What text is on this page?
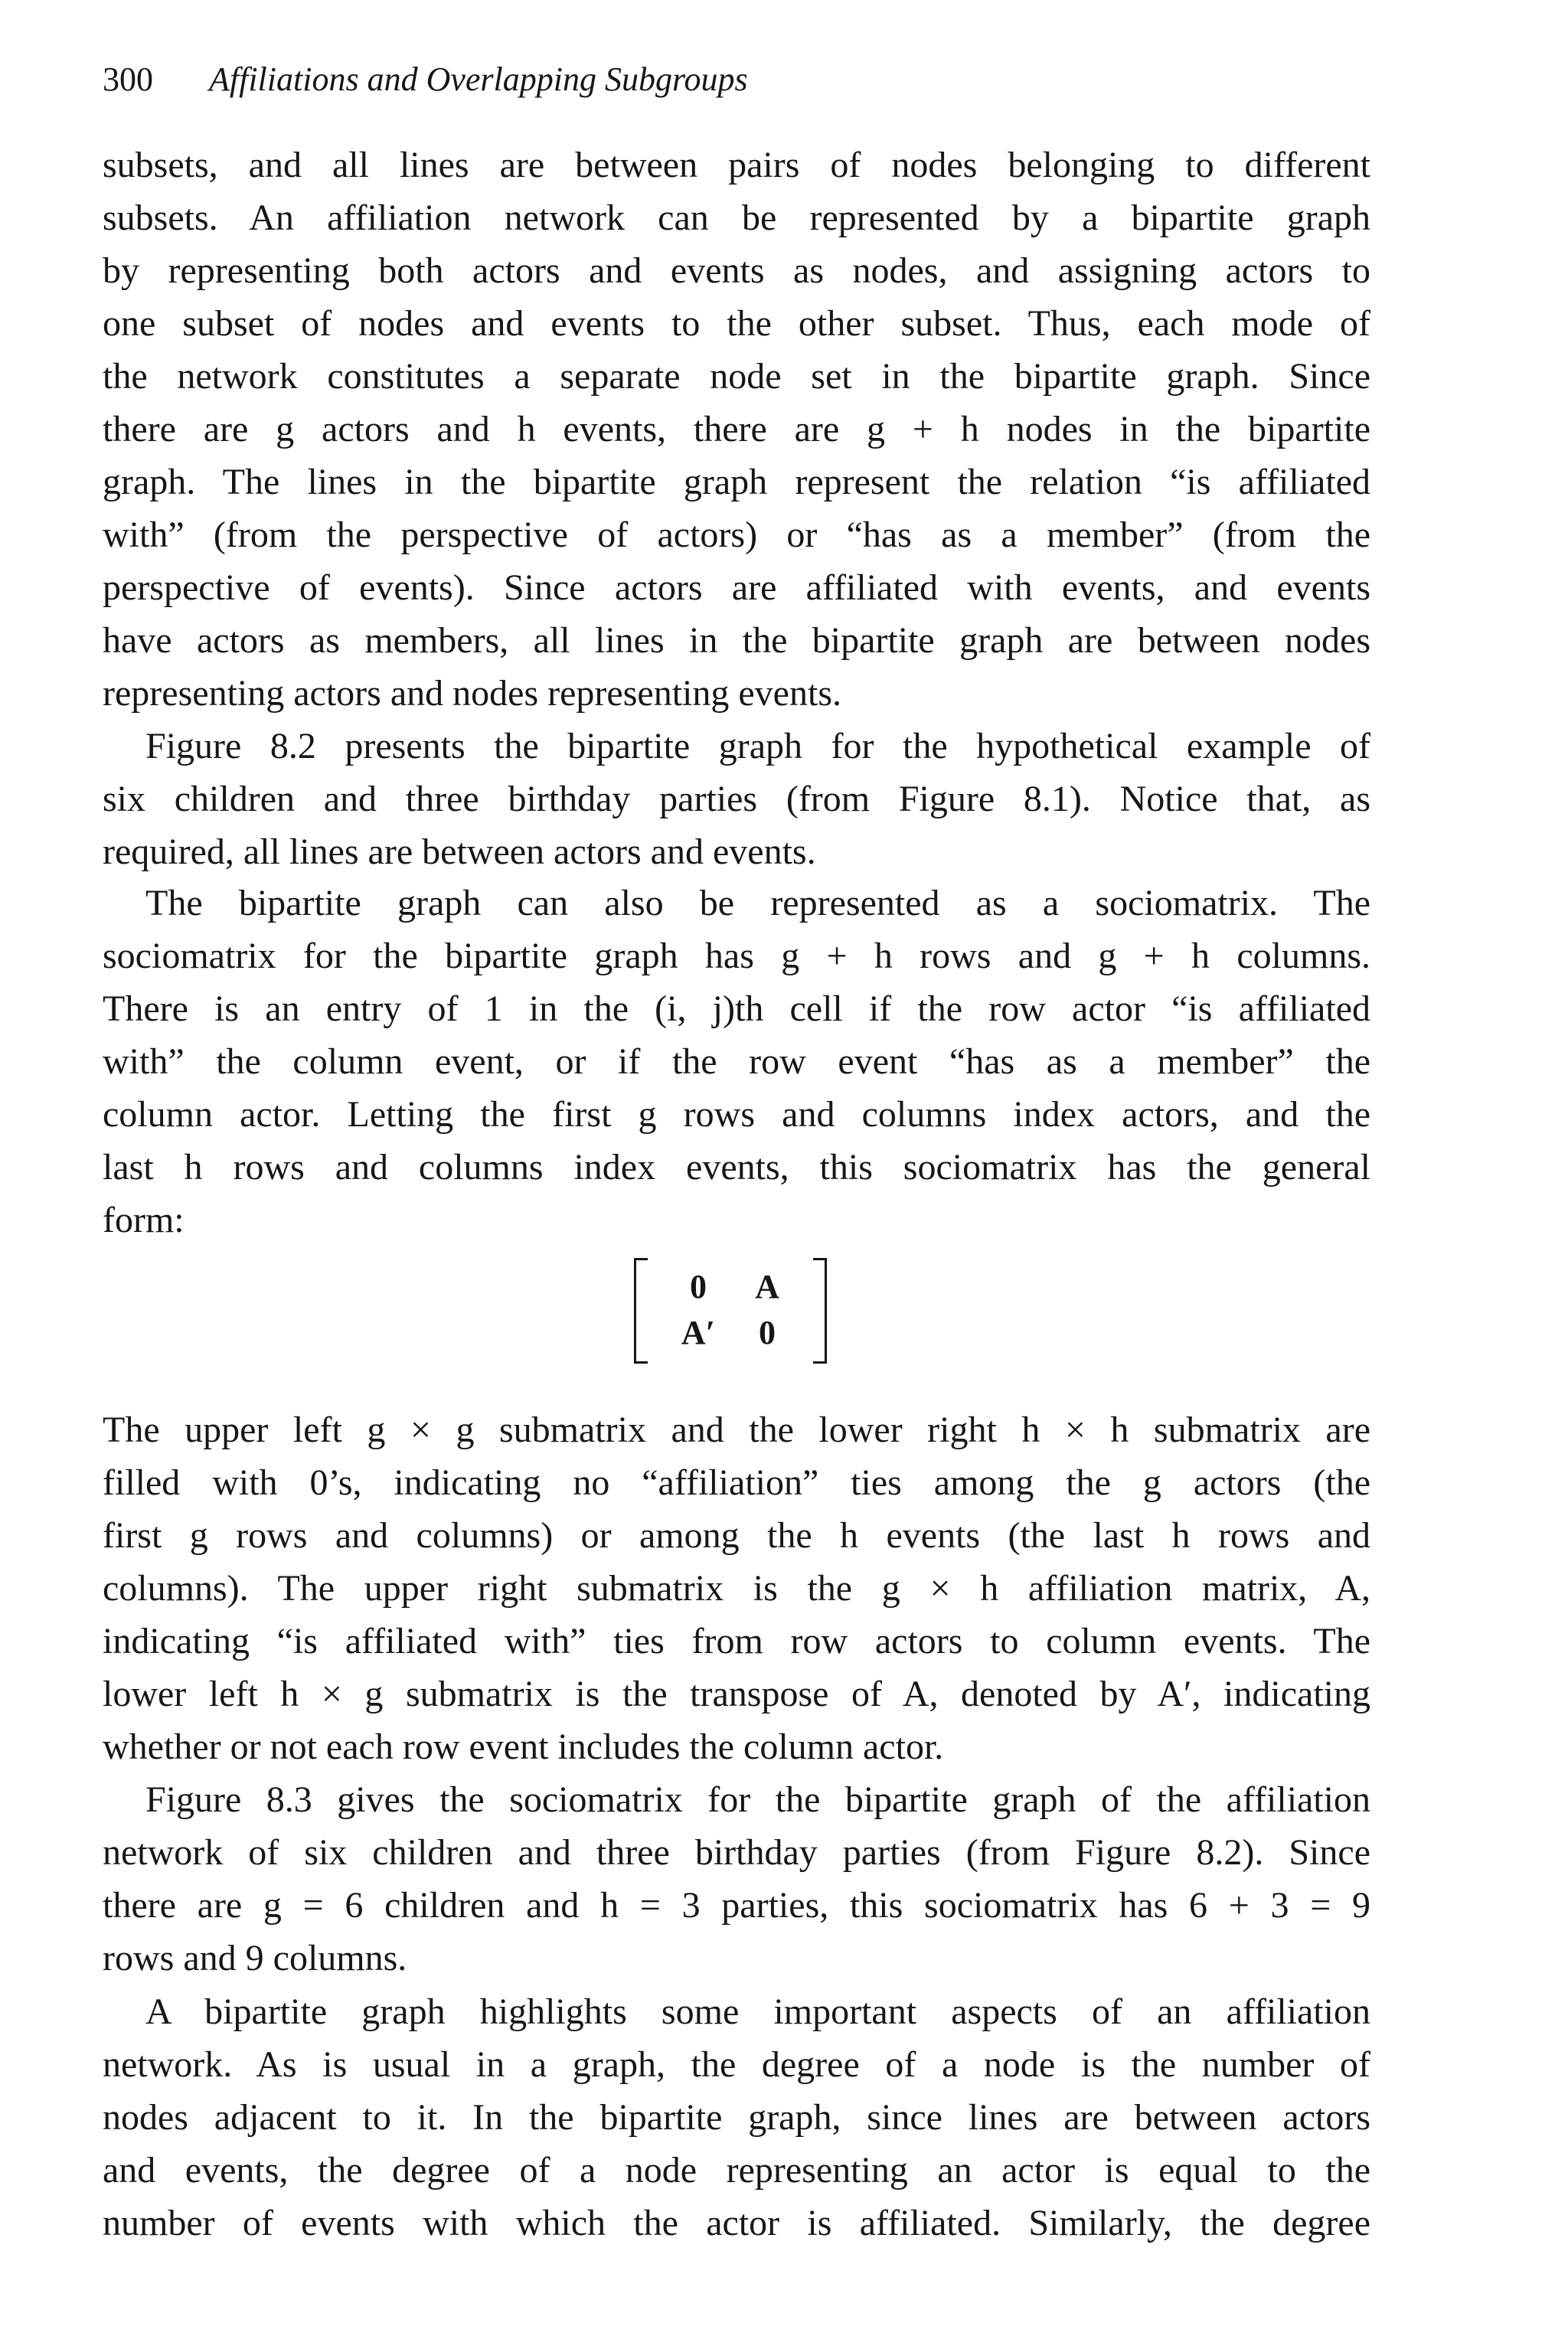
300 Affiliations and Overlapping Subgroups
subsets, and all lines are between pairs of nodes belonging to different
subsets. An affiliation network can be represented by a bipartite graph
by representing both actors and events as nodes, and assigning actors to
one subset of nodes and events to the other subset. Thus, each mode of
the network constitutes a separate node set in the bipartite graph. Since
there are g actors and h events, there are g + h nodes in the bipartite
graph. The lines in the bipartite graph represent the relation “is affiliated
with” (from the perspective of actors) or “has as a member” (from the
perspective of events). Since actors are affiliated with events, and events
have actors as members, all lines in the bipartite graph are between nodes
representing actors and nodes representing events.
Figure 8.2 presents the bipartite graph for the hypothetical example of
six children and three birthday parties (from Figure 8.1). Notice that, as
required, all lines are between actors and events.
The bipartite graph can also be represented as a sociomatrix. The
sociomatrix for the bipartite graph has g + h rows and g + h columns.
There is an entry of 1 in the (i, j)th cell if the row actor “is affiliated
with” the column event, or if the row event “has as a member” the
column actor. Letting the first g rows and columns index actors, and the
last h rows and columns index events, this sociomatrix has the general
form:
0	A
A′	0
The upper left g × g submatrix and the lower right h × h submatrix are
filled with 0’s, indicating no “affiliation” ties among the g actors (the
first g rows and columns) or among the h events (the last h rows and
columns). The upper right submatrix is the g × h affiliation matrix, A,
indicating “is affiliated with” ties from row actors to column events. The
lower left h × g submatrix is the transpose of A, denoted by A′, indicating
whether or not each row event includes the column actor.
Figure 8.3 gives the sociomatrix for the bipartite graph of the affiliation
network of six children and three birthday parties (from Figure 8.2). Since
there are g = 6 children and h = 3 parties, this sociomatrix has 6 + 3 = 9
rows and 9 columns.
A bipartite graph highlights some important aspects of an affiliation
network. As is usual in a graph, the degree of a node is the number of
nodes adjacent to it. In the bipartite graph, since lines are between actors
and events, the degree of a node representing an actor is equal to the
number of events with which the actor is affiliated. Similarly, the degree
